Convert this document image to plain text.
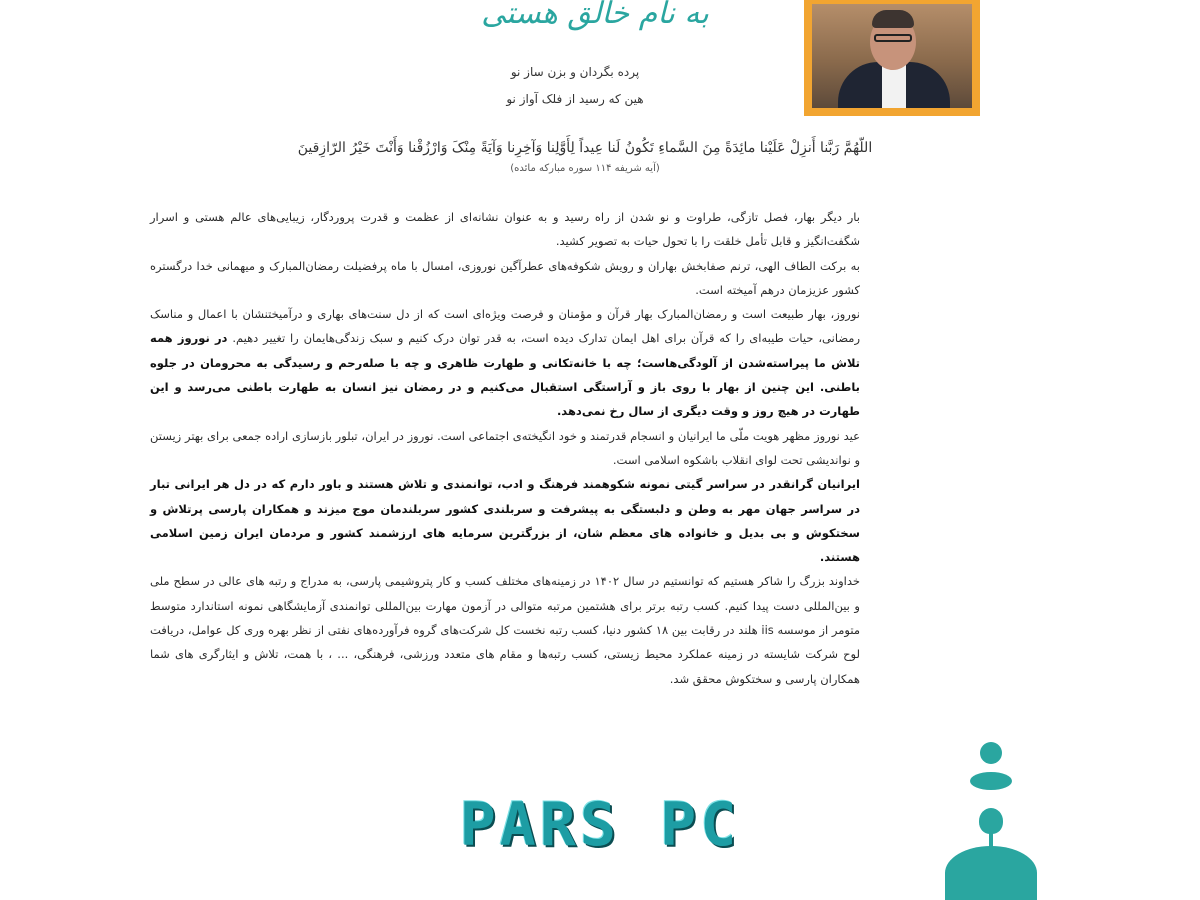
به نام خالق هستی
پرده بگردان و بزن ساز نو
هین که رسید از فلک آواز نو
اللّهُمَّ رَبَّنا أَنزِلْ عَلَيْنا مائِدَةً مِنَ السَّماءِ تَکُونُ لَنا عِیداً لِأَوَّلِنا وَآخِرِنا وَآیَةً مِنْکَ وَارْزُقْنا وَأَنْتَ خَیْرُ الرّازِقینَ
(آیه شریفه ۱۱۴ سوره مبارکه مائده)

بار دیگر بهار، فصل تازگی، طراوت و نو شدن از راه رسید و به عنوان نشانه‌ای از عظمت و قدرت پروردگار، زیبایی‌های عالم هستی و اسرار شگفت‌انگیز و قابل تأمل خلقت را با تحول حیات به تصویر کشید.

به برکت الطاف الهی، ترنم صفابخش بهاران و رویش شکوفه‌های عطرآگین نوروزی، امسال با ماه پرفضیلت رمضان‌المبارک و میهمانی خدا درگستره کشور عزیزمان درهم آمیخته است.

نوروز، بهار طبیعت است و رمضان‌المبارک بهار قرآن و مؤمنان و فرصت ویژه‌ای است که از دل سنت‌های بهاری و درآمیختنشان با اعمال و مناسک رمضانی، حیات طیبه‌ای را که قرآن برای اهل ایمان تدارک دیده است، به قدر توان درک کنیم و سبک زندگی‌هایمان را تغییر دهیم. در نوروز همه تلاش ما پیراسته‌شدن از آلودگی‌هاست؛ چه با خانه‌تکانی و طهارت ظاهری و چه با صله‌رحم و رسیدگی به محرومان در جلوه باطنی. این چنین از بهار با روی باز و آراستگی استقبال می‌کنیم و در رمضان نیز انسان به طهارت باطنی می‌رسد و این طهارت در هیچ روز و وقت دیگری از سال رخ نمی‌دهد.

عید نوروز مظهر هویت ملّی ما ایرانیان و انسجام قدرتمند و خود انگیخته‌ی اجتماعی است. نوروز در ایران، تبلور بازسازی اراده جمعی برای بهتر زیستن و نواندیشی تحت لوای انقلاب باشکوه اسلامی است.

ایرانیان گرانقدر در سراسر گیتی نمونه شکوهمند فرهنگ و ادب، توانمندی و تلاش هستند و باور دارم که در دل هر ایرانی تبار در سراسر جهان مهر به وطن و دلبستگی به پیشرفت و سربلندی کشور سربلندمان موج میزند و همکاران پارسی پرتلاش و سختکوش و بی بدیل و خانواده های معظم شان، از بزرگترین سرمایه های ارزشمند کشور و مردمان ایران زمین اسلامی هستند.

خداوند بزرگ را شاکر هستیم که توانستیم در سال ۱۴۰۲ در زمینه‌های مختلف کسب و کار پتروشیمی پارسی، به مدراج و رتبه های عالی در سطح ملی و بین‌المللی دست پیدا کنیم. کسب رتبه برتر برای هشتمین مرتبه متوالی در آزمون مهارت بین‌المللی توانمندی آزمایشگاهی نمونه استاندارد متوسط متومر از موسسه iis هلند در رقابت بین ۱۸ کشور دنیا، کسب رتبه نخست کل شرکت‌های گروه فرآورده‌های نفتی از نظر بهره وری کل عوامل، دریافت لوح شرکت شایسته در زمینه عملکرد محیط زیستی، کسب رتبه‌ها و مقام های متعدد ورزشی، فرهنگی، ... ، با همت، تلاش و ایثارگری های شما همکاران پارسی و سختکوش محقق شد.

PARS PC
